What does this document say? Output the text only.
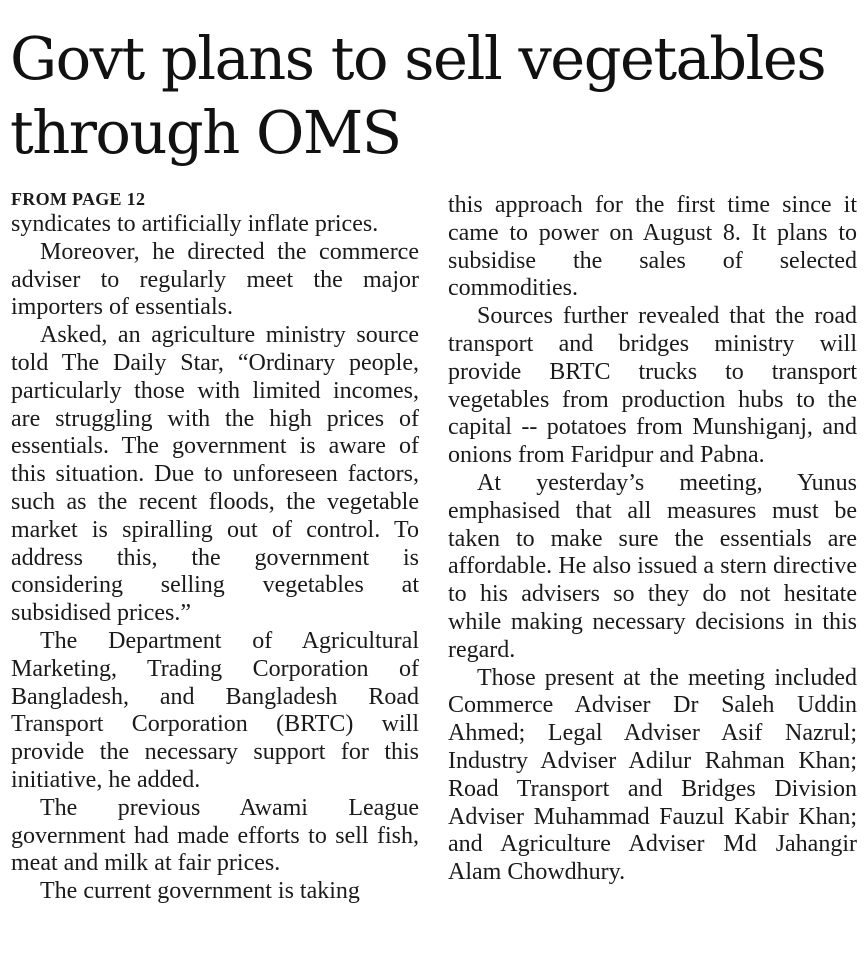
Govt plans to sell vegetables through OMS
FROM PAGE 12

syndicates to artificially inflate prices.

Moreover, he directed the commerce adviser to regularly meet the major importers of essentials.

Asked, an agriculture ministry source told The Daily Star, “Ordinary people, particularly those with limited incomes, are struggling with the high prices of essentials. The government is aware of this situation. Due to unforeseen factors, such as the recent floods, the vegetable market is spiralling out of control. To address this, the government is considering selling vegetables at subsidised prices.”

The Department of Agricultural Marketing, Trading Corporation of Bangladesh, and Bangladesh Road Transport Corporation (BRTC) will provide the necessary support for this initiative, he added.

The previous Awami League government had made efforts to sell fish, meat and milk at fair prices.

The current government is taking

this approach for the first time since it came to power on August 8. It plans to subsidise the sales of selected commodities.

Sources further revealed that the road transport and bridges ministry will provide BRTC trucks to transport vegetables from production hubs to the capital -- potatoes from Munshiganj, and onions from Faridpur and Pabna.

At yesterday’s meeting, Yunus emphasised that all measures must be taken to make sure the essentials are affordable. He also issued a stern directive to his advisers so they do not hesitate while making necessary decisions in this regard.

Those present at the meeting included Commerce Adviser Dr Saleh Uddin Ahmed; Legal Adviser Asif Nazrul; Industry Adviser Adilur Rahman Khan; Road Transport and Bridges Division Adviser Muhammad Fauzul Kabir Khan; and Agriculture Adviser Md Jahangir Alam Chowdhury.
